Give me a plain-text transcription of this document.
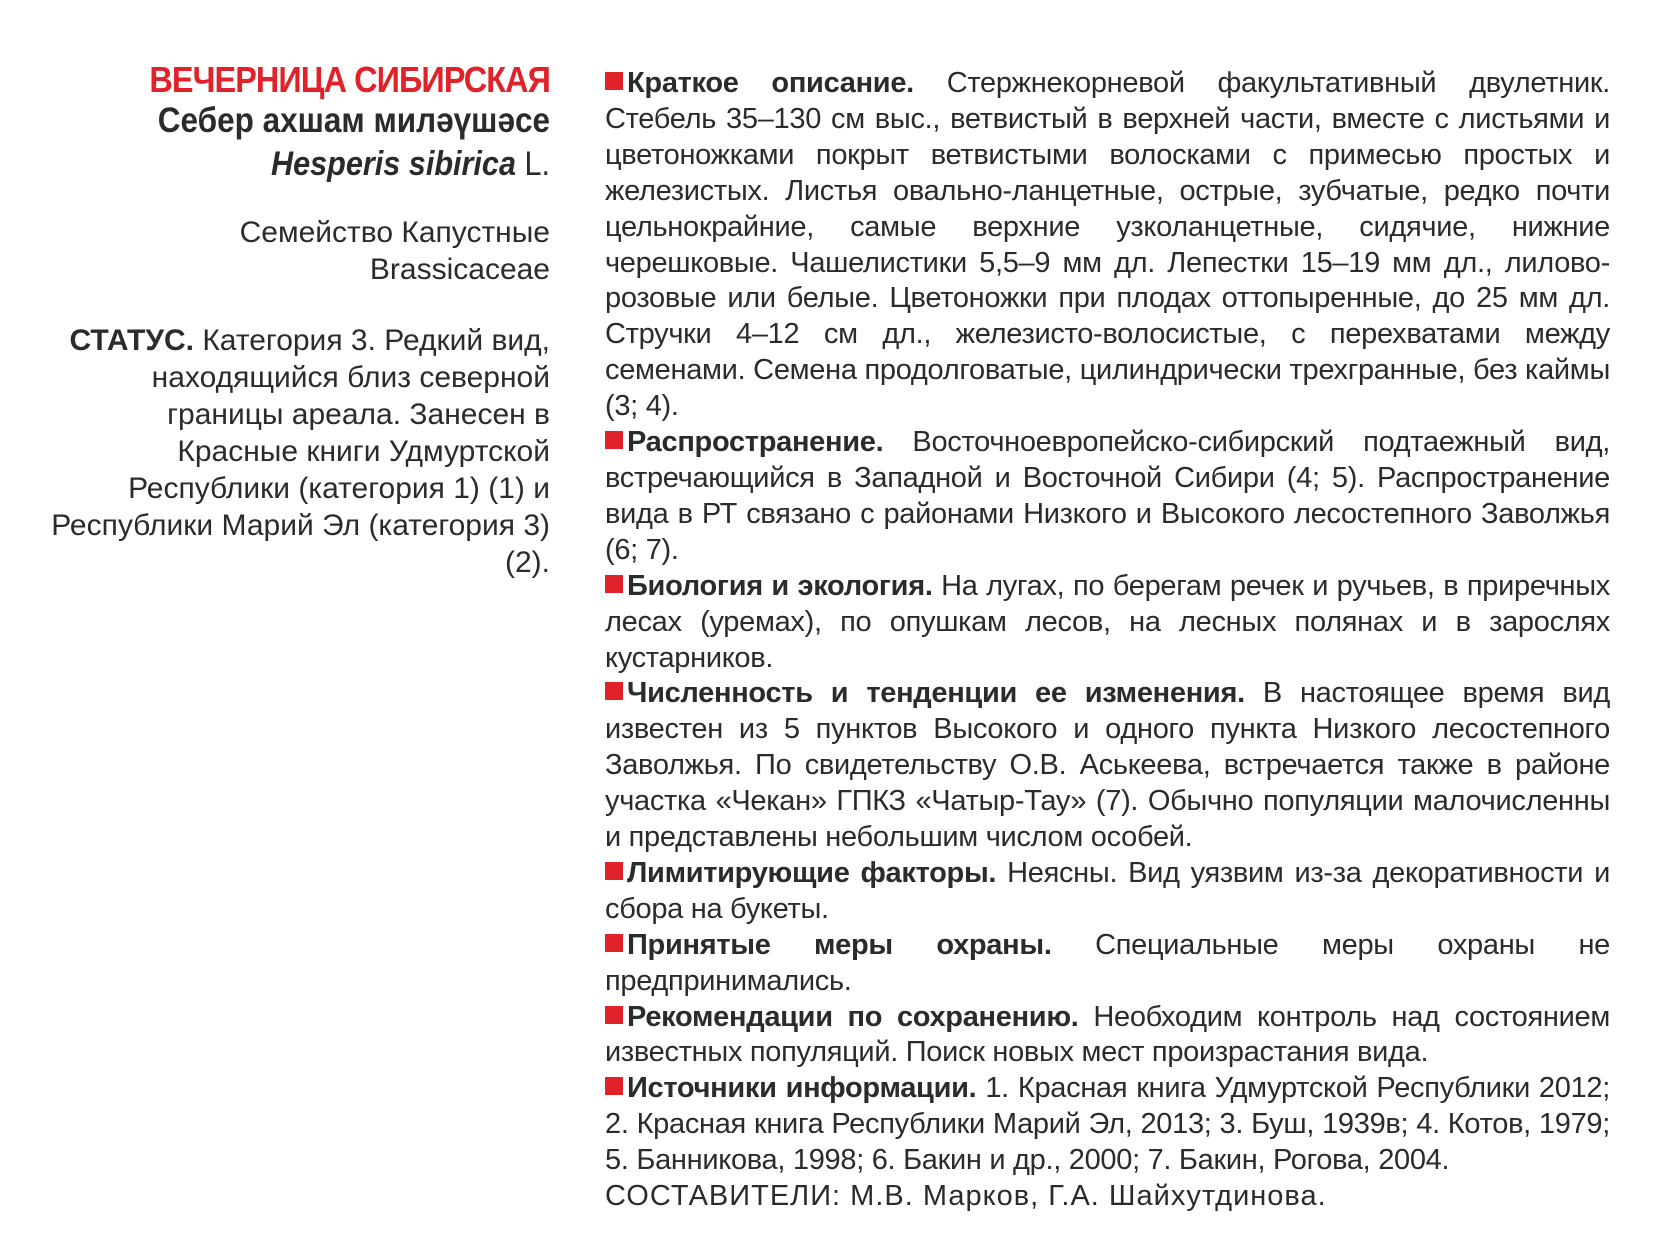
ВЕЧЕРНИЦА СИБИРСКАЯ
Себер ахшам миләүшәсе
Hesperis sibirica L.
Семейство Капустные
Brassicaceae
СТАТУС. Категория 3. Редкий вид, находящийся близ северной границы ареала. Занесен в Красные книги Удмуртской Республики (категория 1) (1) и Республики Марий Эл (категория 3) (2).

Краткое описание. Стержнекорневой факультативный двулетник. Стебель 35–130 см выс., ветвистый в верхней части, вместе с листьями и цветоножками покрыт ветвистыми волосками с примесью простых и железистых. Листья овально-ланцетные, острые, зубчатые, редко почти цельнокрайние, самые верхние узколанцетные, сидячие, нижние черешковые. Чашелистики 5,5–9 мм дл. Лепестки 15–19 мм дл., лилово-розовые или белые. Цветоножки при плодах оттопыренные, до 25 мм дл. Стручки 4–12 см дл., железисто-волосистые, с перехватами между семенами. Семена продолговатые, цилиндрически трехгранные, без каймы (3; 4).

Распространение. Восточноевропейско-сибирский подтаежный вид, встречающийся в Западной и Восточной Сибири (4; 5). Распространение вида в РТ связано с районами Низкого и Высокого лесостепного Заволжья (6; 7).

Биология и экология. На лугах, по берегам речек и ручьев, в приречных лесах (уремах), по опушкам лесов, на лесных полянах и в зарослях кустарников.

Численность и тенденции ее изменения. В настоящее время вид известен из 5 пунктов Высокого и одного пункта Низкого лесостепного Заволжья. По свидетельству О.В. Аськеева, встречается также в районе участка «Чекан» ГПКЗ «Чатыр-Тау» (7). Обычно популяции малочисленны и представлены небольшим числом особей.

Лимитирующие факторы. Неясны. Вид уязвим из-за декоративности и сбора на букеты.

Принятые меры охраны. Специальные меры охраны не предпринимались.

Рекомендации по сохранению. Необходим контроль над состоянием известных популяций. Поиск новых мест произрастания вида.

Источники информации. 1. Красная книга Удмуртской Республики 2012; 2. Красная книга Республики Марий Эл, 2013; 3. Буш, 1939в; 4. Котов, 1979; 5. Банникова, 1998; 6. Бакин и др., 2000; 7. Бакин, Рогова, 2004.

СОСТАВИТЕЛИ: М.В. Марков, Г.А. Шайхутдинова.
